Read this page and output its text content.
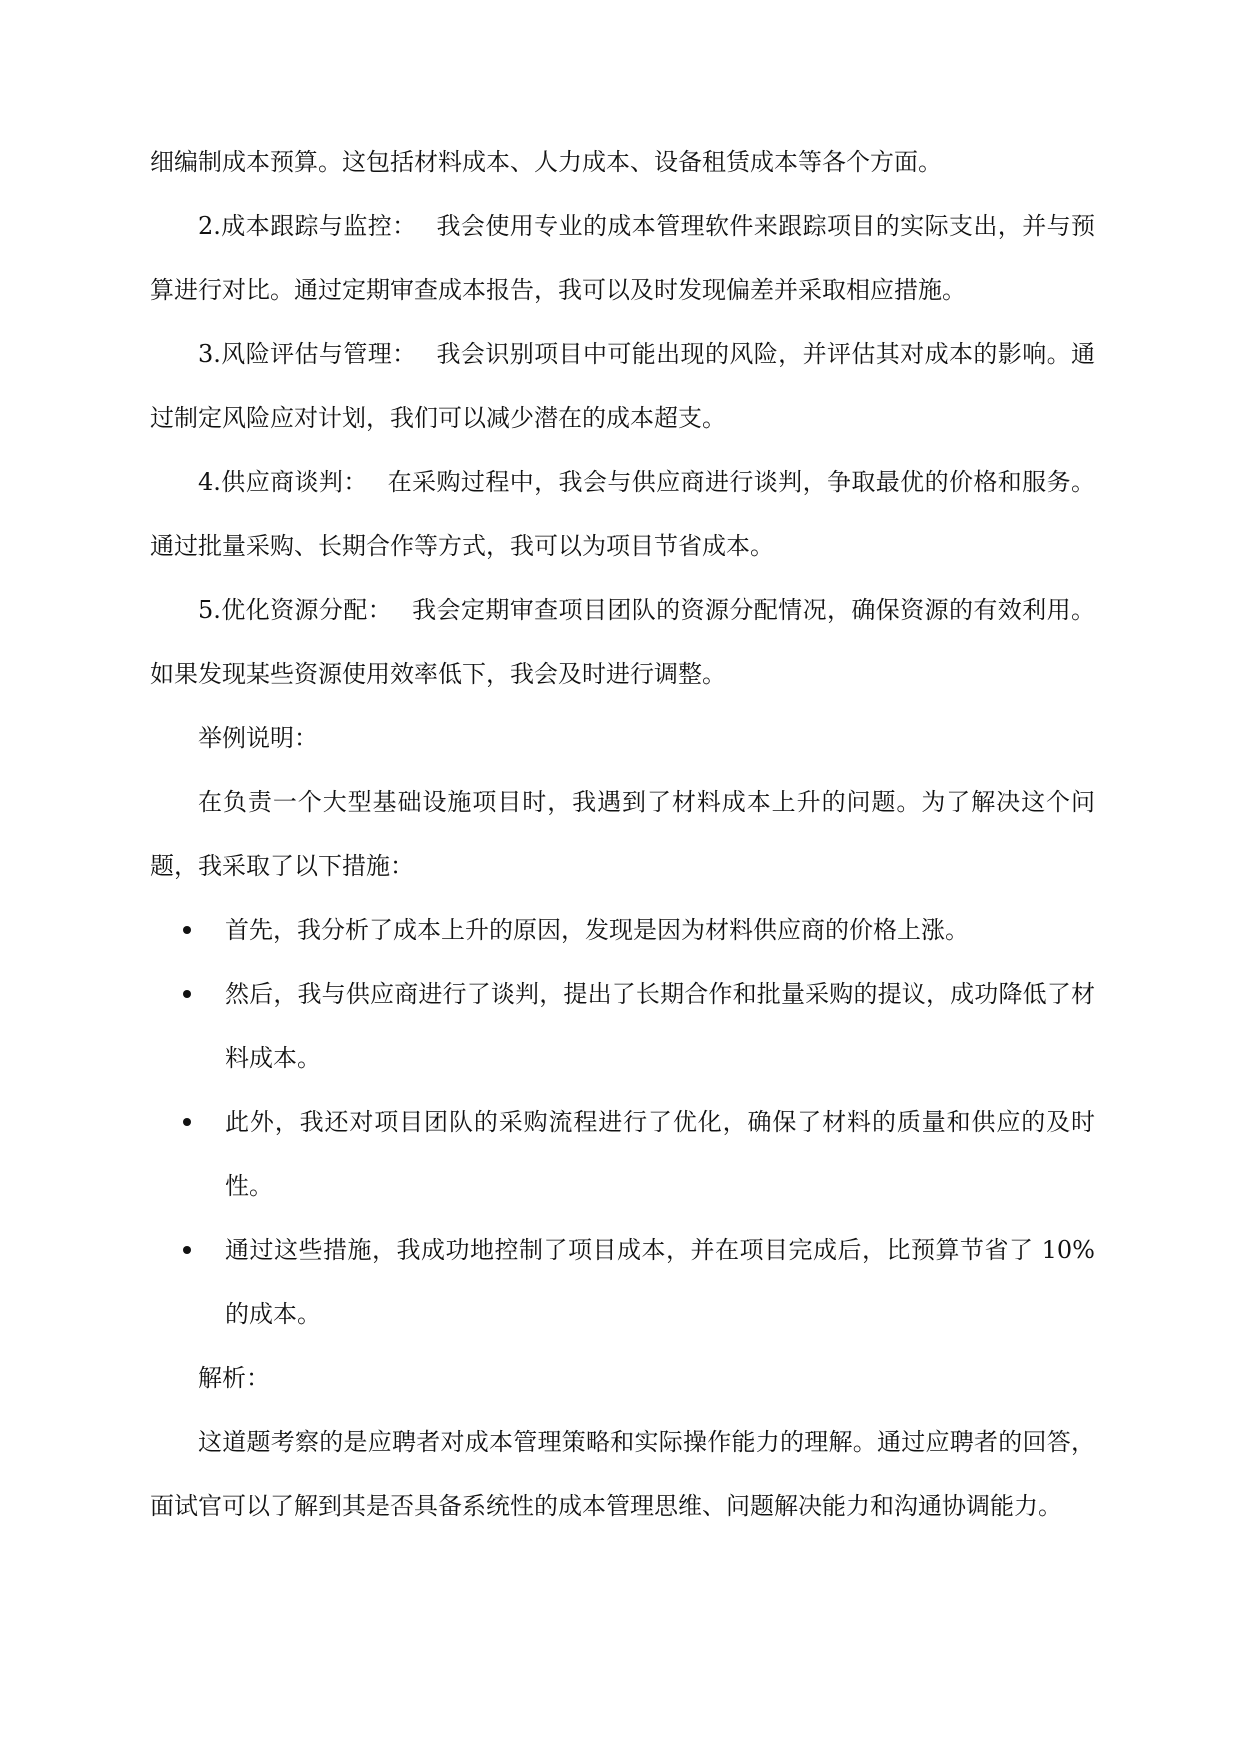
细编制成本预算。这包括材料成本、人力成本、设备租赁成本等各个方面。

2.成本跟踪与监控： 我会使用专业的成本管理软件来跟踪项目的实际支出，并与预算进行对比。通过定期审查成本报告，我可以及时发现偏差并采取相应措施。

3.风险评估与管理： 我会识别项目中可能出现的风险，并评估其对成本的影响。通过制定风险应对计划，我们可以减少潜在的成本超支。

4.供应商谈判： 在采购过程中，我会与供应商进行谈判，争取最优的价格和服务。通过批量采购、长期合作等方式，我可以为项目节省成本。

5.优化资源分配： 我会定期审查项目团队的资源分配情况，确保资源的有效利用。如果发现某些资源使用效率低下，我会及时进行调整。

举例说明：

在负责一个大型基础设施项目时，我遇到了材料成本上升的问题。为了解决这个问题，我采取了以下措施：

首先，我分析了成本上升的原因，发现是因为材料供应商的价格上涨。
然后，我与供应商进行了谈判，提出了长期合作和批量采购的提议，成功降低了材料成本。
此外，我还对项目团队的采购流程进行了优化，确保了材料的质量和供应的及时性。
通过这些措施，我成功地控制了项目成本，并在项目完成后，比预算节省了 10%的成本。

解析：

这道题考察的是应聘者对成本管理策略和实际操作能力的理解。通过应聘者的回答，面试官可以了解到其是否具备系统性的成本管理思维、问题解决能力和沟通协调能力。
